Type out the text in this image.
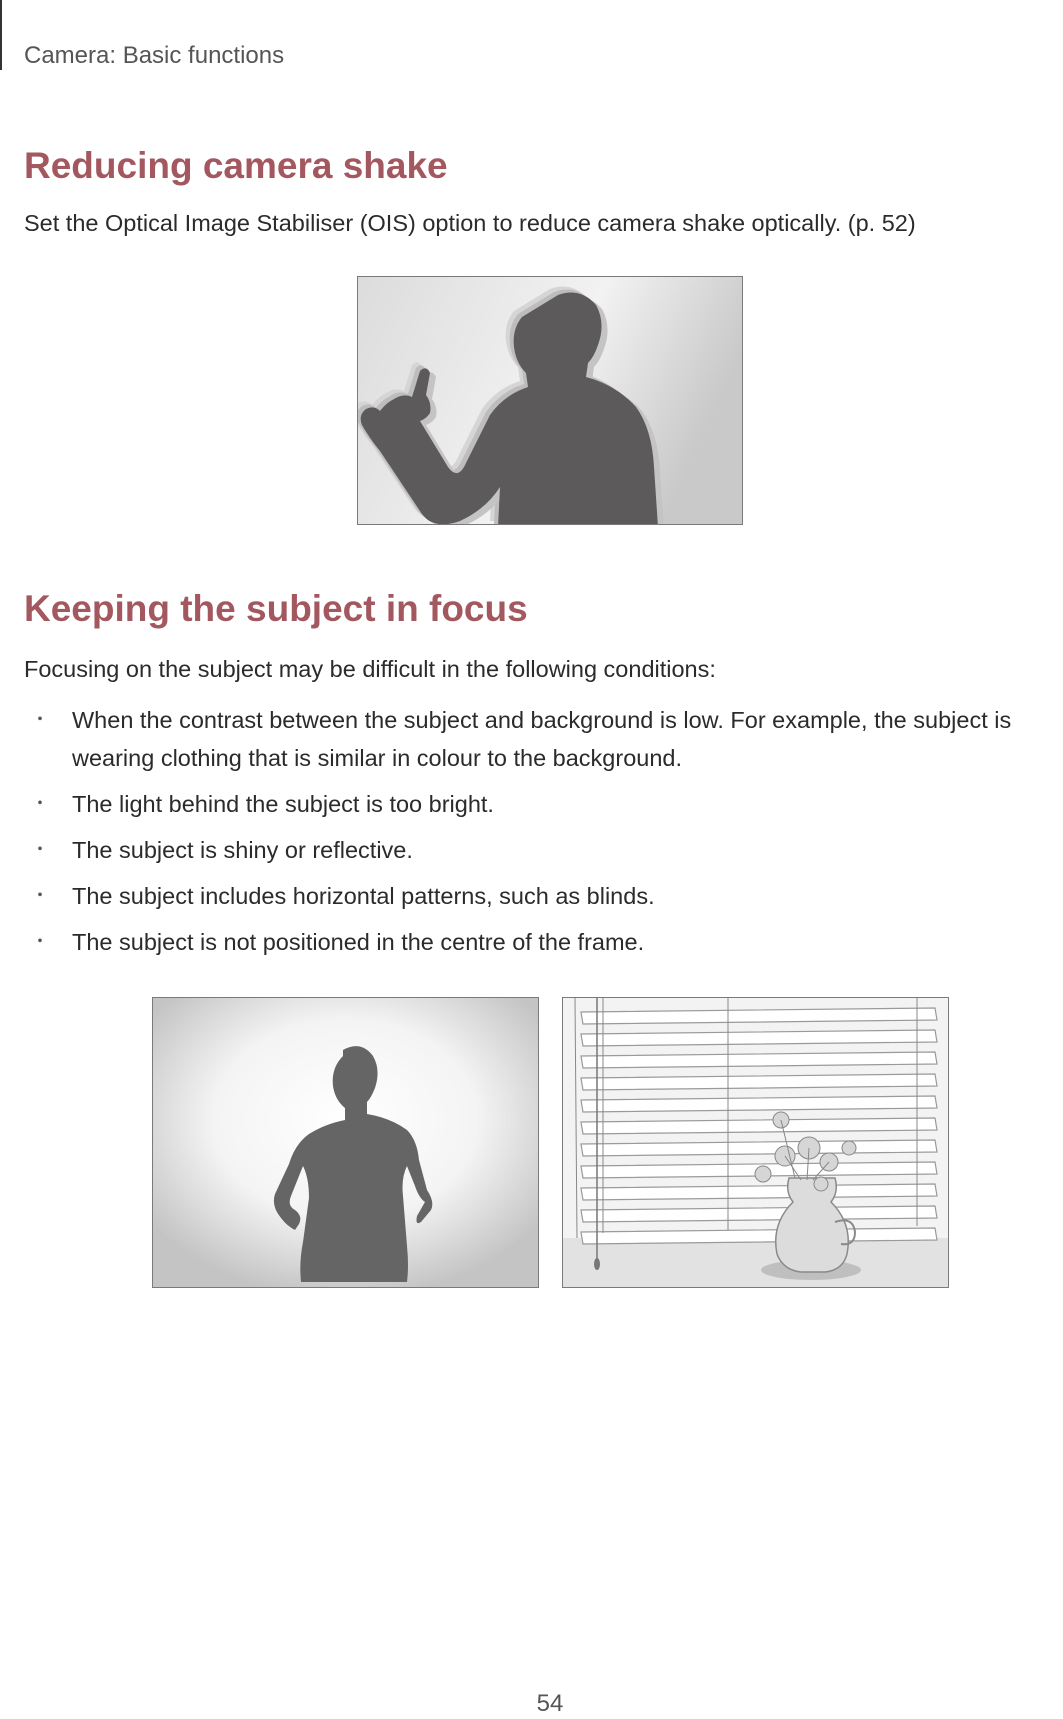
Camera: Basic functions
Reducing camera shake

Set the Optical Image Stabiliser (OIS) option to reduce camera shake optically. (p. 52)

Keeping the subject in focus

Focusing on the subject may be difficult in the following conditions:

・ When the contrast between the subject and background is low. For example, the subject is wearing clothing that is similar in colour to the background.
・ The light behind the subject is too bright.
・ The subject is shiny or reflective.
・ The subject includes horizontal patterns, such as blinds.
・ The subject is not positioned in the centre of the frame.
54
